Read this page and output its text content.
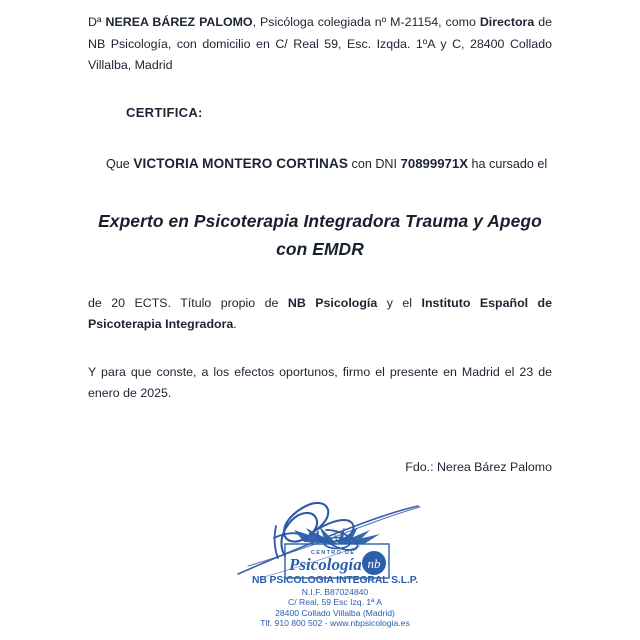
Dª NEREA BÁREZ PALOMO, Psicóloga colegiada nº M-21154, como Directora de NB Psicología, con domicilio en C/ Real 59, Esc. Izqda. 1ºA y C, 28400 Collado Villalba, Madrid

CERTIFICA:

Que VICTORIA MONTERO CORTINAS con DNI 70899971X ha cursado el

Experto en Psicoterapia Integradora Trauma y Apego con EMDR

de 20 ECTS. Título propio de NB Psicología y el Instituto Español de Psicoterapia Integradora.

Y para que conste, a los efectos oportunos, firmo el presente en Madrid el 23 de enero de 2025.

Fdo.: Nerea Bárez Palomo
CENTRO DE
Psicología nb
NB PSICOLOGIA INTEGRAL S.L.P.
N.I.F. B87024840
C/ Real, 59 Esc Izq. 1ª A
28400 Collado Villalba (Madrid)
Tlf. 910 800 502 - www.nbpsicologia.es
